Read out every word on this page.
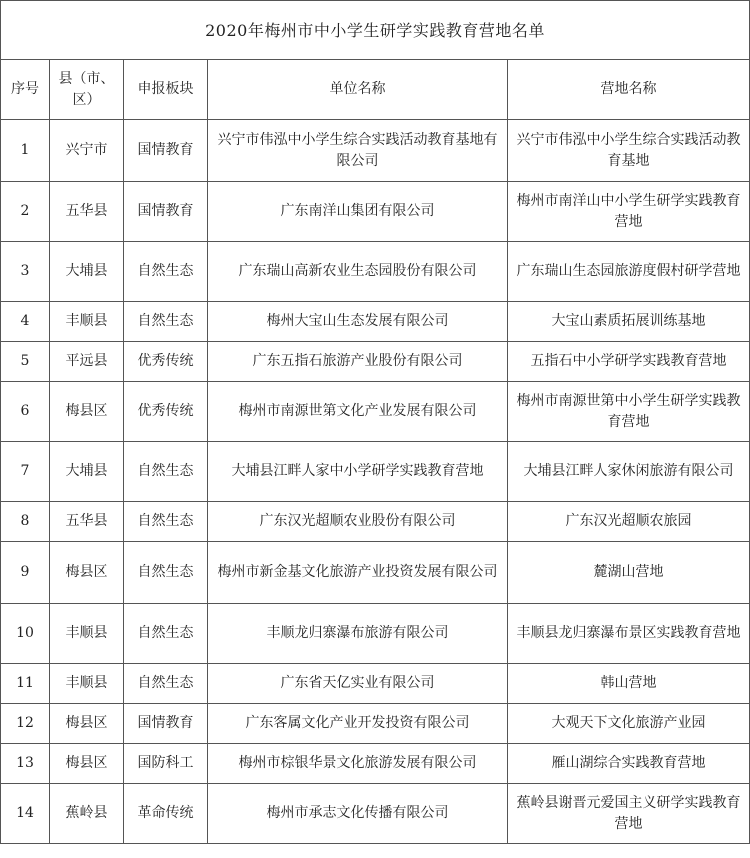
2020年梅州市中小学生研学实践教育营地名单				
序号	县（市、区）	申报板块	单位名称	营地名称
1	兴宁市	国情教育	兴宁市伟泓中小学生综合实践活动教育基地有限公司	兴宁市伟泓中小学生综合实践活动教育基地
2	五华县	国情教育	广东南洋山集团有限公司	梅州市南洋山中小学生研学实践教育营地
3	大埔县	自然生态	广东瑞山高新农业生态园股份有限公司	广东瑞山生态园旅游度假村研学营地
4	丰顺县	自然生态	梅州大宝山生态发展有限公司	大宝山素质拓展训练基地
5	平远县	优秀传统	广东五指石旅游产业股份有限公司	五指石中小学研学实践教育营地
6	梅县区	优秀传统	梅州市南源世第文化产业发展有限公司	梅州市南源世第中小学生研学实践教育营地
7	大埔县	自然生态	大埔县江畔人家中小学研学实践教育营地	大埔县江畔人家休闲旅游有限公司
8	五华县	自然生态	广东汉光超顺农业股份有限公司	广东汉光超顺农旅园
9	梅县区	自然生态	梅州市新金基文化旅游产业投资发展有限公司	麓湖山营地
10	丰顺县	自然生态	丰顺龙归寨瀑布旅游有限公司	丰顺县龙归寨瀑布景区实践教育营地
11	丰顺县	自然生态	广东省天亿实业有限公司	韩山营地
12	梅县区	国情教育	广东客属文化产业开发投资有限公司	大观天下文化旅游产业园
13	梅县区	国防科工	梅州市棕银华景文化旅游发展有限公司	雁山湖综合实践教育营地
14	蕉岭县	革命传统	梅州市承志文化传播有限公司	蕉岭县谢晋元爱国主义研学实践教育营地
